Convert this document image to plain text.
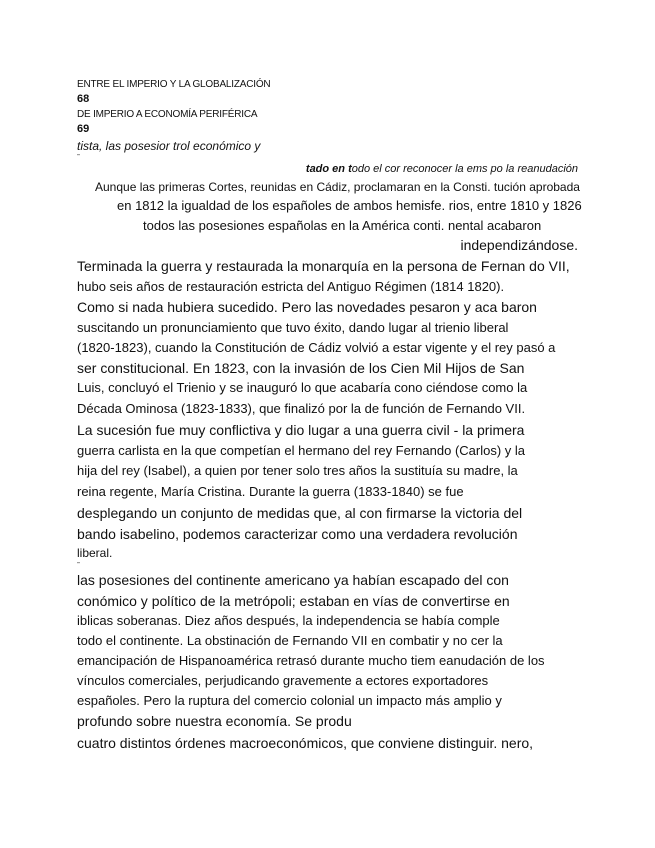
ENTRE EL IMPERIO Y LA GLOBALIZACIÓN
68
DE IMPERIO A ECONOMÍA PERIFÉRICA
69
tista, las posesior trol económico y
'"
tado en todo el cor reconocer la ems po la reanudación
Aunque las primeras Cortes, reunidas en Cádiz, proclamaran en la Consti. tución aprobada
en 1812 la igualdad de los españoles de ambos hemisfe. rios, entre 1810 y 1826
todos las posesiones españolas en la América conti. nental acabaron
independizándose.
Terminada la guerra y restaurada la monarquía en la persona de Fernan do VII,
hubo seis años de restauración estricta del Antiguo Régimen (1814 1820).
Como si nada hubiera sucedido. Pero las novedades pesaron y aca baron
suscitando un pronunciamiento que tuvo éxito, dando lugar al trienio liberal
(1820-1823), cuando la Constitución de Cádiz volvió a estar vigente y el rey pasó a
ser constitucional. En 1823, con la invasión de los Cien Mil Hijos de San
Luis, concluyó el Trienio y se inauguró lo que acabaría cono ciéndose como la
Década Ominosa (1823-1833), que finalizó por la de función de Fernando VII.
La sucesión fue muy conflictiva y dio lugar a una guerra civil - la primera
guerra carlista en la que competían el hermano del rey Fernando (Carlos) y la
hija del rey (Isabel), a quien por tener solo tres años la sustituía su madre, la
reina regente, María Cristina. Durante la guerra (1833-1840) se fue
desplegando un conjunto de medidas que, al con firmarse la victoria del
bando isabelino, podemos caracterizar como una verdadera revolución
liberal.
'"
las posesiones del continente americano ya habían escapado del con
conómico y político de la metrópoli; estaban en vías de convertirse en
iblicas soberanas. Diez años después, la independencia se había comple
todo el continente. La obstinación de Fernando VII en combatir y no cer la
emancipación de Hispanoamérica retrasó durante mucho tiem eanudación de los
vínculos comerciales, perjudicando gravemente a ectores exportadores
españoles. Pero la ruptura del comercio colonial un impacto más amplio y
profundo sobre nuestra economía. Se produ
cuatro distintos órdenes macroeconómicos, que conviene distinguir. nero,
